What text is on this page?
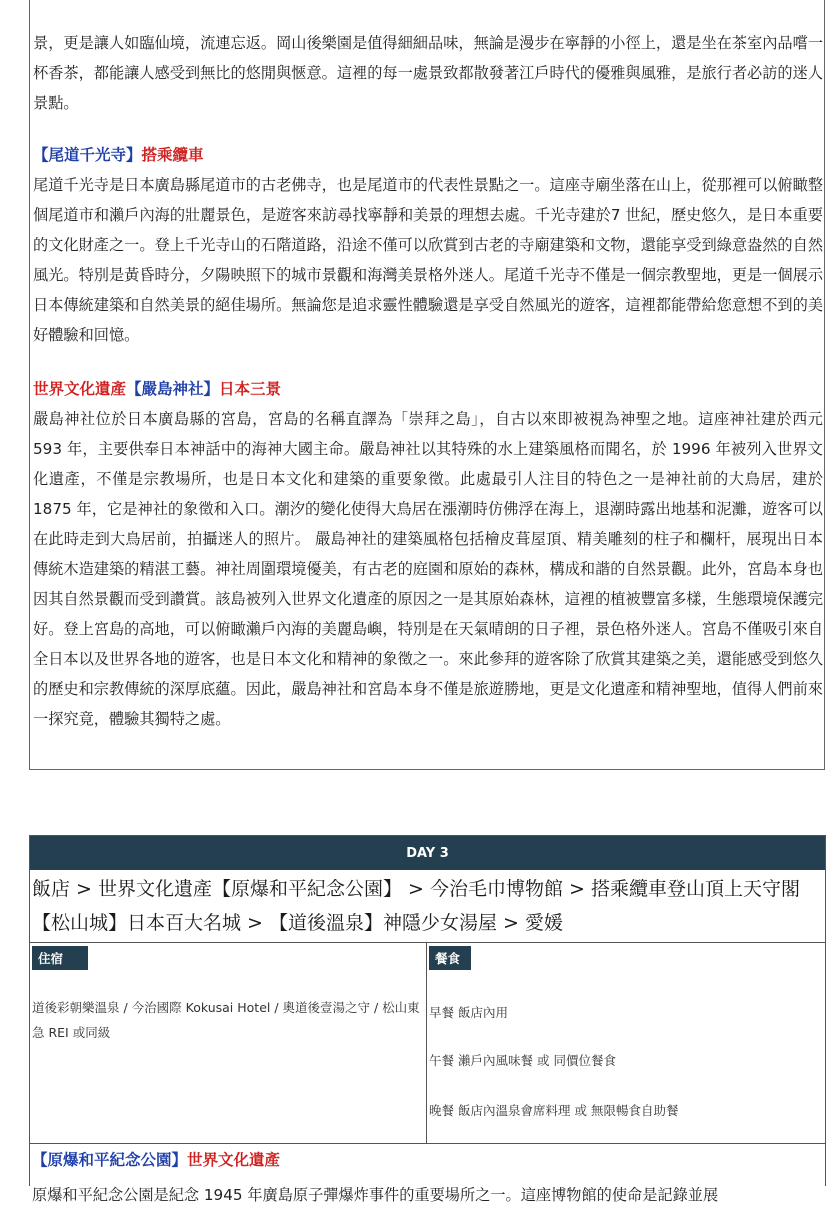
景，更是讓人如臨仙境，流連忘返。岡山後樂園是值得細細品味，無論是漫步在寧靜的小徑上，還是坐在茶室內品嚐一杯香茶，都能讓人感受到無比的悠閒與愜意。這裡的每一處景致都散發著江戶時代的優雅與風雅，是旅行者必訪的迷人景點。

【尾道千光寺】搭乘纜車

尾道千光寺是日本廣島縣尾道市的古老佛寺，也是尾道市的代表性景點之一。這座寺廟坐落在山上，從那裡可以俯瞰整個尾道市和瀨戶內海的壯麗景色，是遊客來訪尋找寧靜和美景的理想去處。千光寺建於7 世紀，歷史悠久，是日本重要的文化財產之一。登上千光寺山的石階道路，沿途不僅可以欣賞到古老的寺廟建築和文物，還能享受到綠意盎然的自然風光。特別是黃昏時分，夕陽映照下的城市景觀和海灣美景格外迷人。尾道千光寺不僅是一個宗教聖地，更是一個展示日本傳統建築和自然美景的絕佳場所。無論您是追求靈性體驗還是享受自然風光的遊客，這裡都能帶給您意想不到的美好體驗和回憶。

世界文化遺產【嚴島神社】日本三景

嚴島神社位於日本廣島縣的宮島，宮島的名稱直譯為「崇拜之島」，自古以來即被視為神聖之地。這座神社建於西元 593 年，主要供奉日本神話中的海神大國主命。嚴島神社以其特殊的水上建築風格而聞名，於 1996 年被列入世界文化遺產，不僅是宗教場所，也是日本文化和建築的重要象徵。此處最引人注目的特色之一是神社前的大鳥居，建於 1875 年，它是神社的象徵和入口。潮汐的變化使得大鳥居在漲潮時仿佛浮在海上，退潮時露出地基和泥灘，遊客可以在此時走到大鳥居前，拍攝迷人的照片。 嚴島神社的建築風格包括檜皮葺屋頂、精美雕刻的柱子和欄杆，展現出日本傳統木造建築的精湛工藝。神社周圍環境優美，有古老的庭園和原始的森林，構成和諧的自然景觀。此外，宮島本身也因其自然景觀而受到讚賞。該島被列入世界文化遺產的原因之一是其原始森林，這裡的植被豐富多樣，生態環境保護完好。登上宮島的高地，可以俯瞰瀨戶內海的美麗島嶼，特別是在天氣晴朗的日子裡，景色格外迷人。宮島不僅吸引來自全日本以及世界各地的遊客，也是日本文化和精神的象徵之一。來此參拜的遊客除了欣賞其建築之美，還能感受到悠久的歷史和宗教傳統的深厚底蘊。因此，嚴島神社和宮島本身不僅是旅遊勝地，更是文化遺產和精神聖地，值得人們前來一探究竟，體驗其獨特之處。

DAY 3
飯店 > 世界文化遺產【原爆和平紀念公園】 > 今治毛巾博物館 > 搭乘纜車登山頂上天守閣【松山城】日本百大名城 > 【道後溫泉】神隱少女湯屋 > 愛媛
住宿
道後彩朝樂溫泉 / 今治國際 Kokusai Hotel / 奧道後壹湯之守 / 松山東急 REI 或同級
餐食
早餐 飯店內用
午餐 瀨戶內風味餐 或 同價位餐食
晚餐 飯店內溫泉會席料理 或 無限暢食自助餐
【原爆和平紀念公園】世界文化遺產
原爆和平紀念公園是紀念 1945 年廣島原子彈爆炸事件的重要場所之一。這座博物館的使命是記錄並展
